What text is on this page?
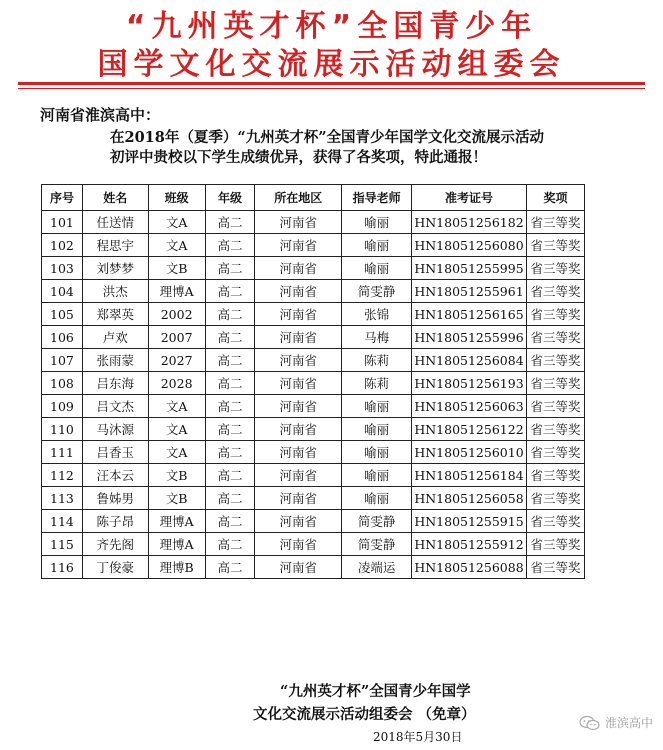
“九州英才杯”全国青少年
国学文化交流展示活动组委会
河南省淮滨高中：
在2018年（夏季）“九州英才杯”全国青少年国学文化交流展示活动
初评中贵校以下学生成绩优异，获得了各奖项，特此通报！
序号	姓名	班级	年级	所在地区	指导老师	准考证号	奖项
101	任送情	文A	高二	河南省	喻丽	HN18051256182	省三等奖
102	程思宇	文A	高二	河南省	喻丽	HN18051256080	省三等奖
103	刘梦梦	文B	高二	河南省	喻丽	HN18051255995	省三等奖
104	洪杰	理博A	高二	河南省	简雯静	HN18051255961	省三等奖
105	郑翠英	2002	高二	河南省	张锦	HN18051256165	省三等奖
106	卢欢	2007	高二	河南省	马梅	HN18051255996	省三等奖
107	张雨蒙	2027	高二	河南省	陈莉	HN18051256084	省三等奖
108	吕东海	2028	高二	河南省	陈莉	HN18051256193	省三等奖
109	吕文杰	文A	高二	河南省	喻丽	HN18051256063	省三等奖
110	马沐源	文A	高二	河南省	喻丽	HN18051256122	省三等奖
111	吕香玉	文A	高二	河南省	喻丽	HN18051256010	省三等奖
112	汪本云	文B	高二	河南省	喻丽	HN18051256184	省三等奖
113	鲁姊男	文B	高二	河南省	喻丽	HN18051256058	省三等奖
114	陈子昂	理博A	高二	河南省	简雯静	HN18051255915	省三等奖
115	齐先阁	理博A	高二	河南省	简雯静	HN18051255912	省三等奖
116	丁俊豪	理博B	高二	河南省	凌端运	HN18051256088	省三等奖
“九州英才杯”全国青少年国学
文化交流展示活动组委会 （免章）
2018年5月30日
淮滨高中
